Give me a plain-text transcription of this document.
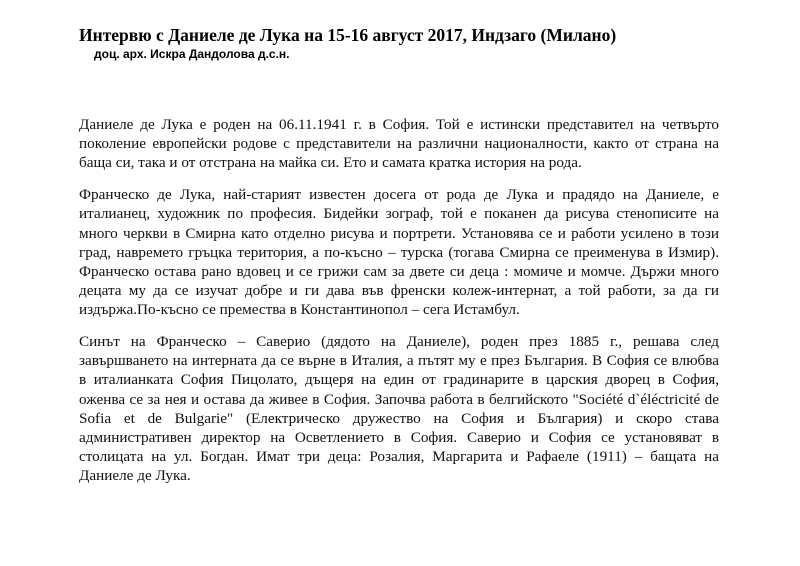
Интервю с Даниеле де Лука на 15-16 август 2017, Индзаго (Милано)
доц. арх. Искра Дандолова д.с.н.

Даниеле де Лука е роден на 06.11.1941 г. в София. Той е истински представител на четвърто поколение европейски родове с представители на различни националности, както от страна на баща си, така и от отстрана на майка си. Ето и самата кратка история на рода.

Франческо де Лука, най-старият известен досега от рода де Лука и прадядо на Даниеле, е италианец, художник по професия. Бидейки зограф, той е поканен да рисува стенописите на много черкви в Смирна като отделно рисува и портрети. Установява се и работи усилено в този град, навремето гръцка територия, а по-късно – турска (тогава Смирна се преименува в Измир). Франческо остава рано вдовец и се грижи сам за двете си деца : момиче и момче. Държи много децата му да се изучат добре и ги дава във френски колеж-интернат, а той работи, за да ги издържа.По-късно се премества в Константинопол – сега Истамбул.

Синът на Франческо – Саверио (дядото на Даниеле), роден през 1885 г., решава след завършването на интерната да се върне в Италия, а пътят му е през България. В София се влюбва в италианката София Пицолато, дъщеря на един от градинарите в царския дворец в София, оженва се за нея и остава да живее в София. Започва работа в белгийското "Société d`éléctricité de Sofia et de Bulgarie" (Електрическо дружество на София и България) и скоро става административен директор на Осветлението в София. Саверио и София се установяват в столицата на ул. Богдан. Имат три деца: Розалия, Маргарита и Рафаеле (1911) – бащата на Даниеле де Лука.
